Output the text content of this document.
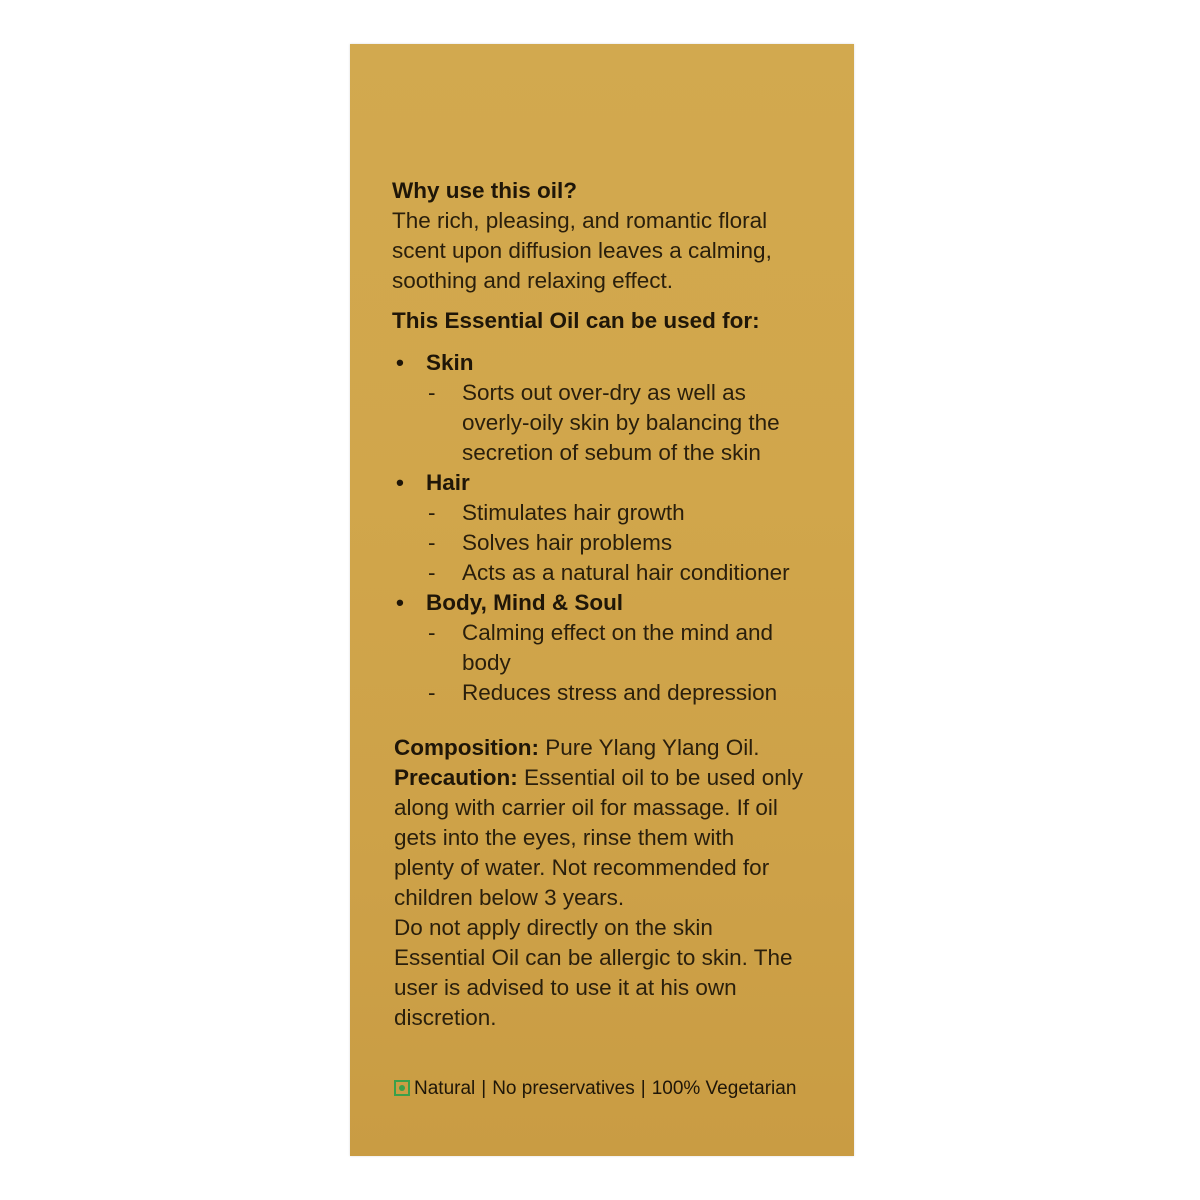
Why use this oil?

The rich, pleasing, and romantic floral
scent upon diffusion leaves a calming,
soothing and relaxing effect.

This Essential Oil can be used for:

• Skin
- Sorts out over-dry as well as
overly-oily skin by balancing the
secretion of sebum of the skin
• Hair
- Stimulates hair growth
- Solves hair problems
- Acts as a natural hair conditioner
• Body, Mind & Soul
- Calming effect on the mind and
body
- Reduces stress and depression

Composition: Pure Ylang Ylang Oil.

Precaution: Essential oil to be used only
along with carrier oil for massage. If oil
gets into the eyes, rinse them with
plenty of water. Not recommended for
children below 3 years.
Do not apply directly on the skin
Essential Oil can be allergic to skin. The
user is advised to use it at his own
discretion.

Natural | No preservatives | 100% Vegetarian
